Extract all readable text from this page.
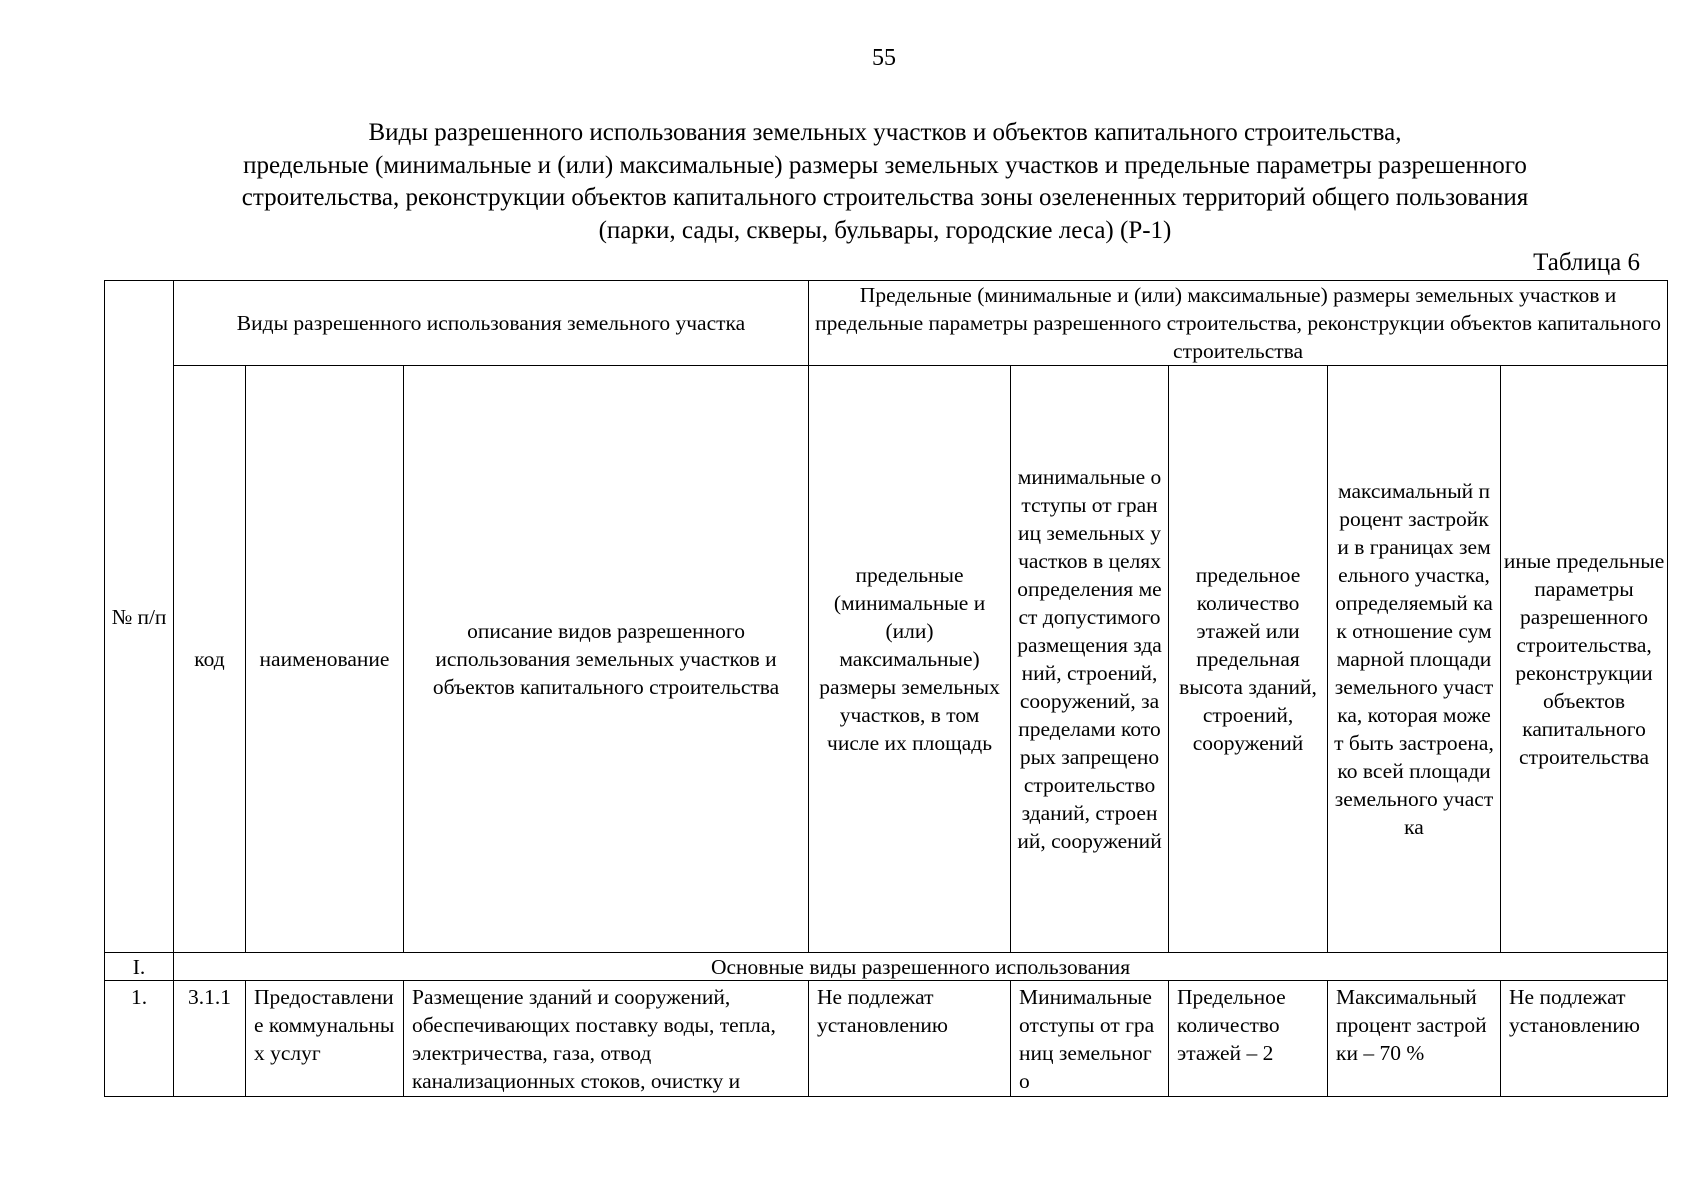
55
Виды разрешенного использования земельных участков и объектов капитального строительства,
предельные (минимальные и (или) максимальные) размеры земельных участков и предельные параметры разрешенного
строительства, реконструкции объектов капитального строительства зоны озелененных территорий общего пользования
(парки, сады, скверы, бульвары, городские леса) (Р-1)
Таблица 6
№ п/п	Виды разрешенного использования земельного участка			Предельные (минимальные и (или) максимальные) размеры земельных участков и предельные параметры разрешенного строительства, реконструкции объектов капитального строительства				
	код	наименование	описание видов разрешенного использования земельных участков и объектов капитального строительства	предельные (минимальные и (или) максимальные) размеры земельных участков, в том числе их площадь	минимальные отступы от границ земельных участков в целях определения мест допустимого размещения зданий, строений, сооружений, за пределами которых запрещено строительство зданий, строений, сооружений	предельное количество этажей или предельная высота зданий, строений, сооружений	максимальный процент застройки в границах земельного участка, определяемый как отношение суммарной площади земельного участка, которая может быть застроена, ко всей площади земельного участка	иные предельные параметры разрешенного строительства, реконструкции объектов капитального строительства
I.	Основные виды разрешенного использования							
1.	3.1.1	Предоставление коммунальных услуг	Размещение зданий и сооружений, обеспечивающих поставку воды, тепла, электричества, газа, отвод канализационных стоков, очистку и	Не подлежат установлению	Минимальные отступы от границ земельного	Предельное количество этажей – 2	Максимальный процент застройки – 70 %	Не подлежат установлению
